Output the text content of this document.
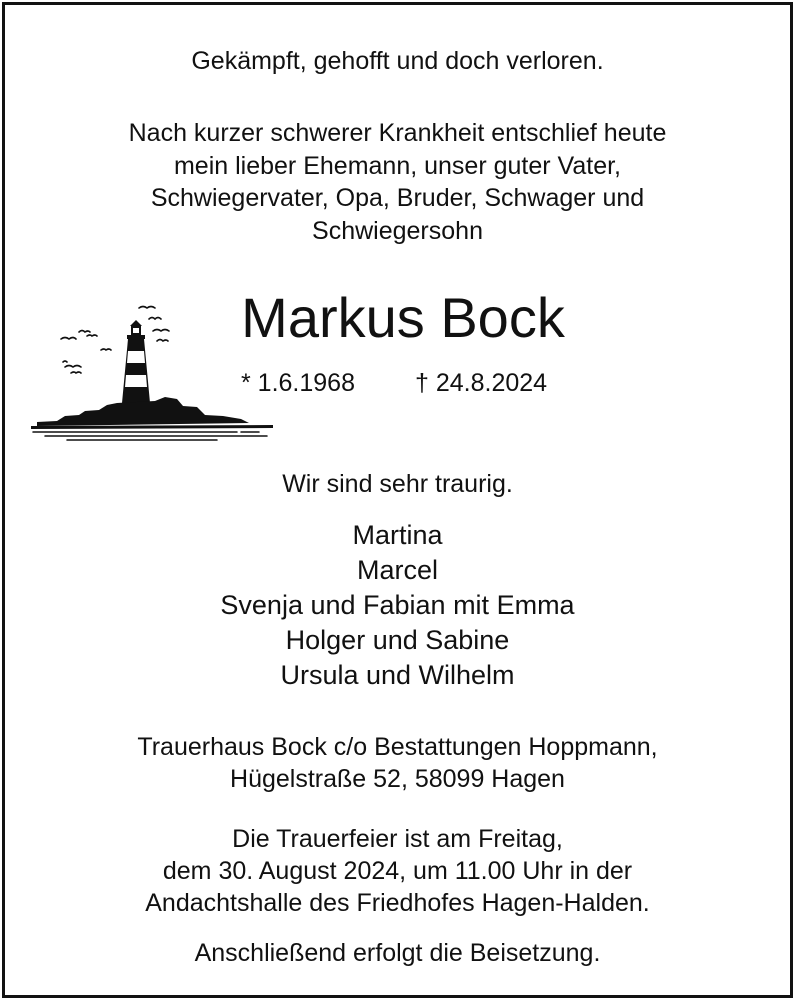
Gekämpft, gehofft und doch verloren.
Nach kurzer schwerer Krankheit entschlief heute
mein lieber Ehemann, unser guter Vater,
Schwiegervater, Opa, Bruder, Schwager und
Schwiegersohn
Markus Bock
* 1.6.1968 † 24.8.2024
Wir sind sehr traurig.
Martina
Marcel
Svenja und Fabian mit Emma
Holger und Sabine
Ursula und Wilhelm
Trauerhaus Bock c/o Bestattungen Hoppmann,
Hügelstraße 52, 58099 Hagen
Die Trauerfeier ist am Freitag,
dem 30. August 2024, um 11.00 Uhr in der
Andachtshalle des Friedhofes Hagen-Halden.
Anschließend erfolgt die Beisetzung.
